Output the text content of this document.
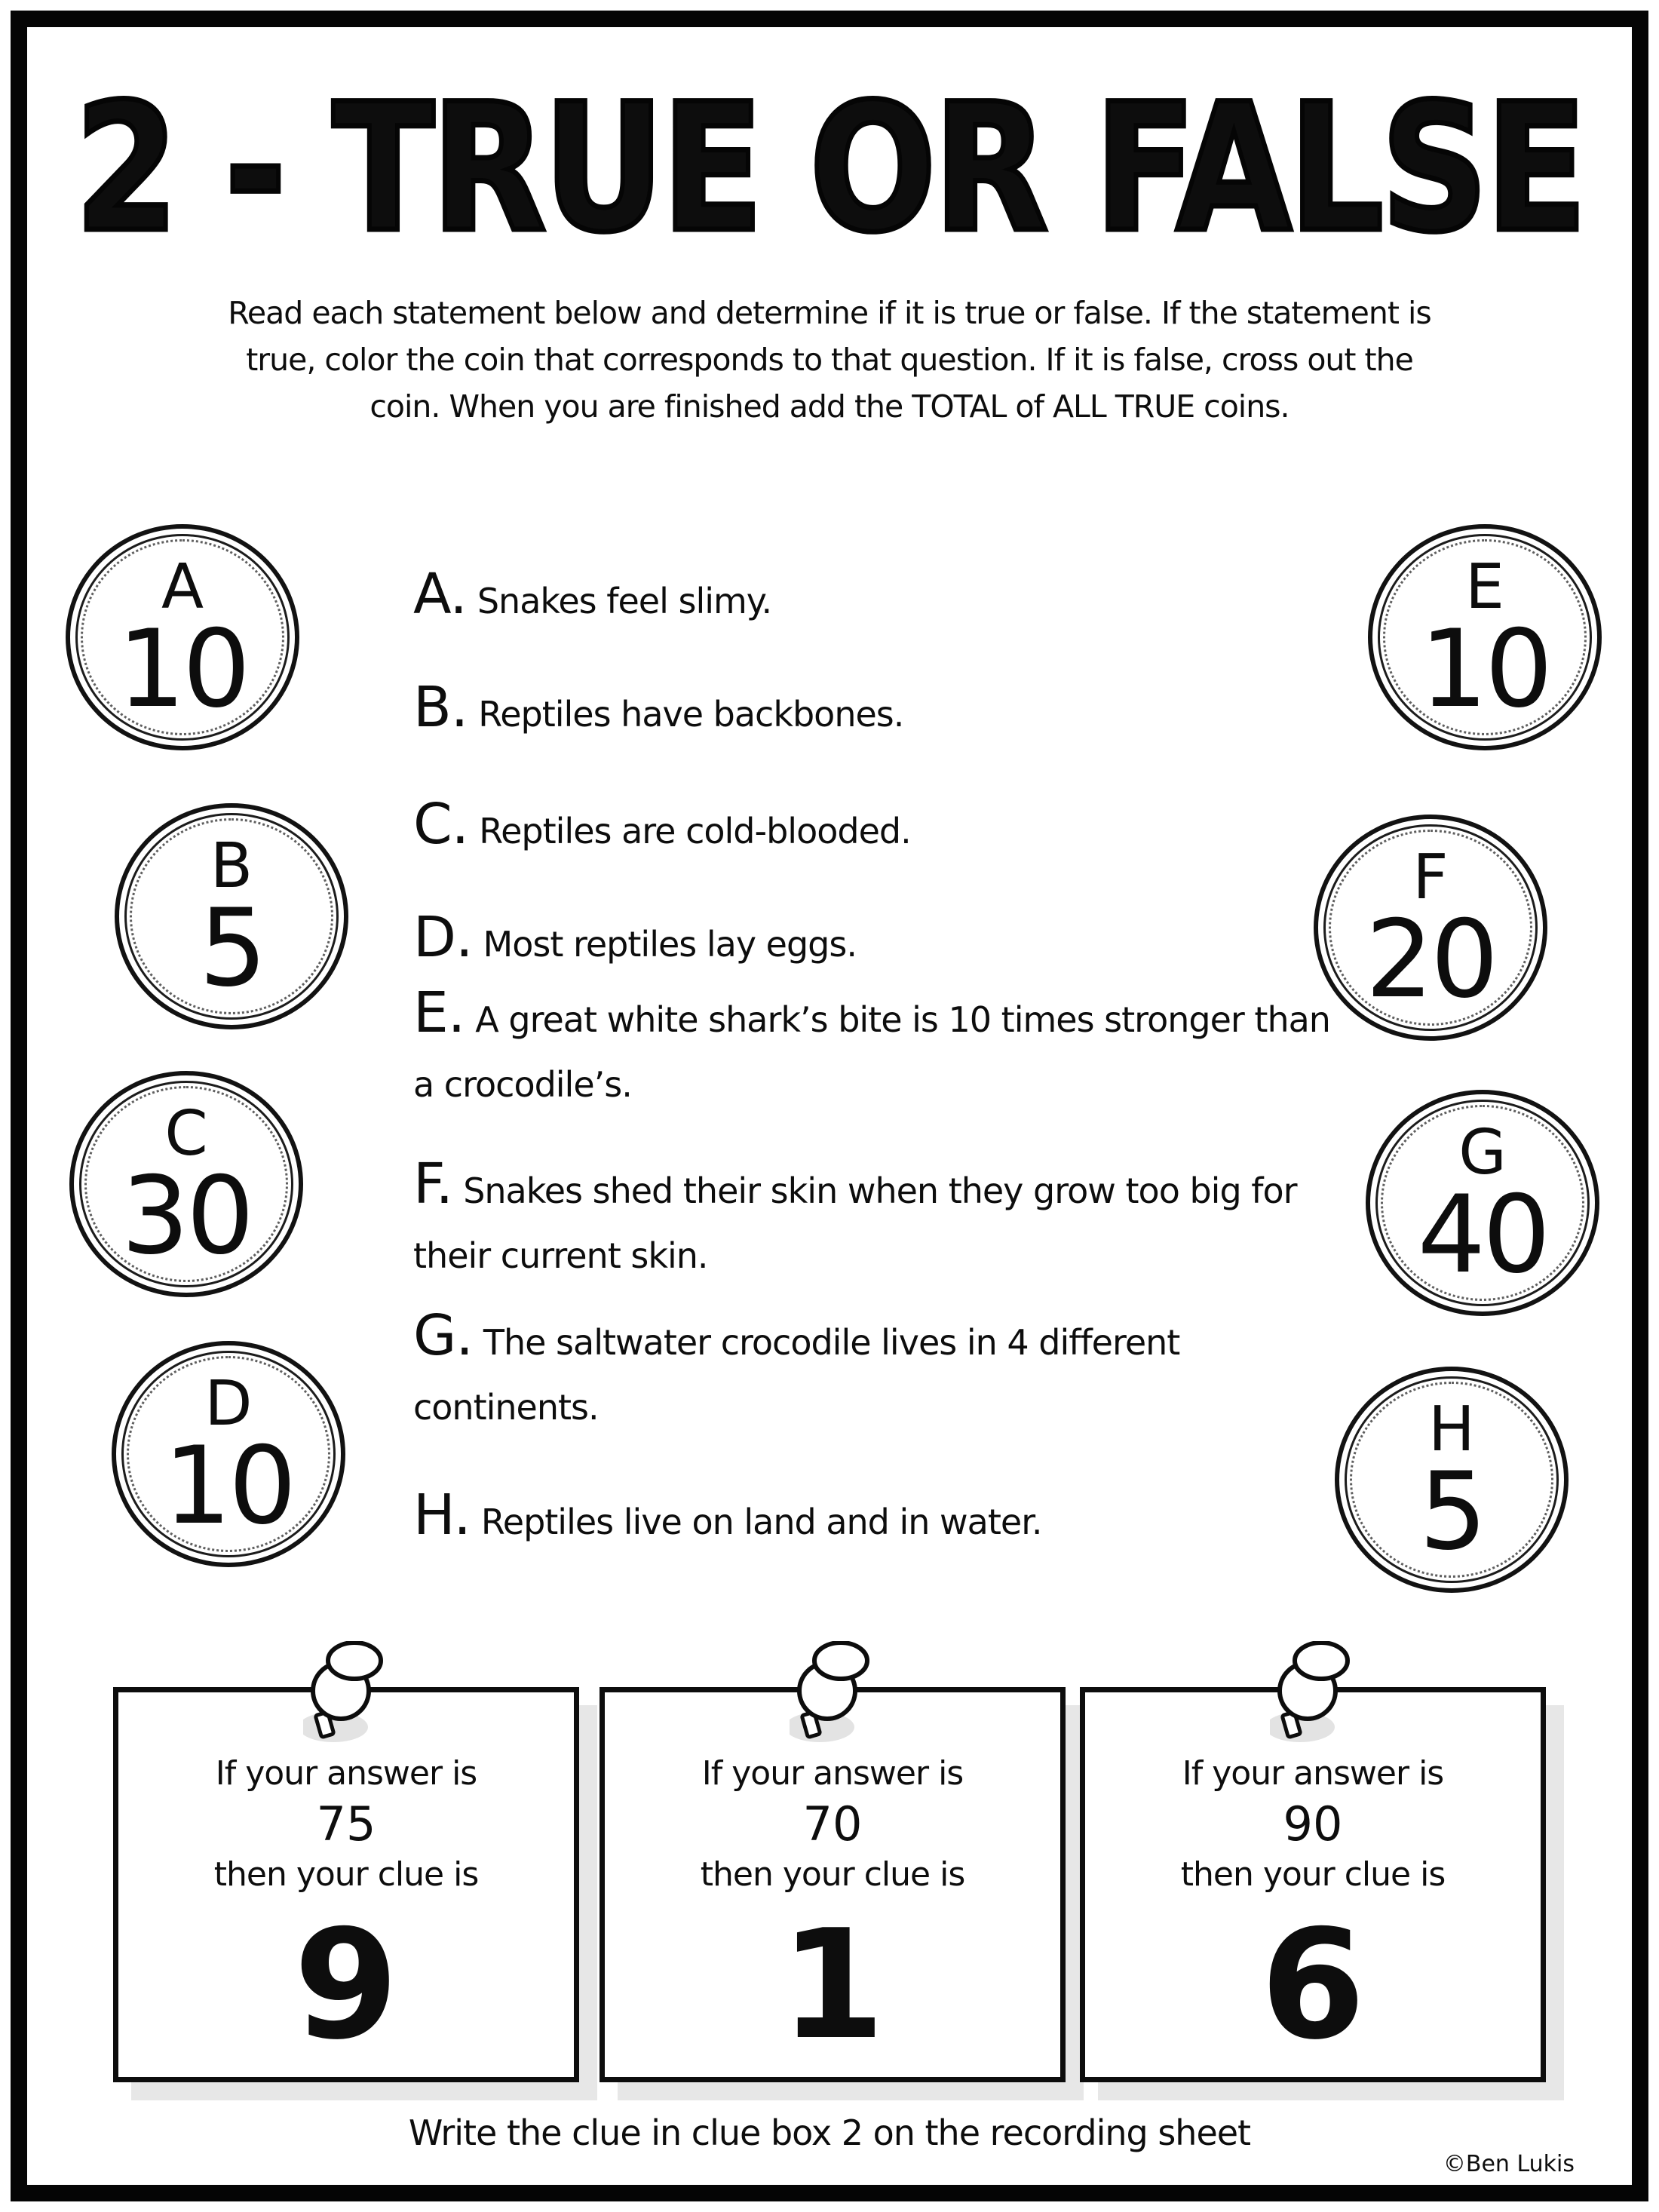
2 - TRUE OR FALSE
Read each statement below and determine if it is true or false. If the statement is
true, color the coin that corresponds to that question. If it is false, cross out the
coin. When you are finished add the TOTAL of ALL TRUE coins.
A
10
B
5
C
30
D
10
E
10
F
20
G
40
H
5
A. Snakes feel slimy.
B. Reptiles have backbones.
C. Reptiles are cold-blooded.
D. Most reptiles lay eggs.
E. A great white shark’s bite is 10 times stronger than a crocodile’s.
F. Snakes shed their skin when they grow too big for their current skin.
G. The saltwater crocodile lives in 4 different continents.
H. Reptiles live on land and in water.
If your answer is
75
then your clue is
9
If your answer is
70
then your clue is
1
If your answer is
90
then your clue is
6
Write the clue in clue box 2 on the recording sheet
©Ben Lukis
